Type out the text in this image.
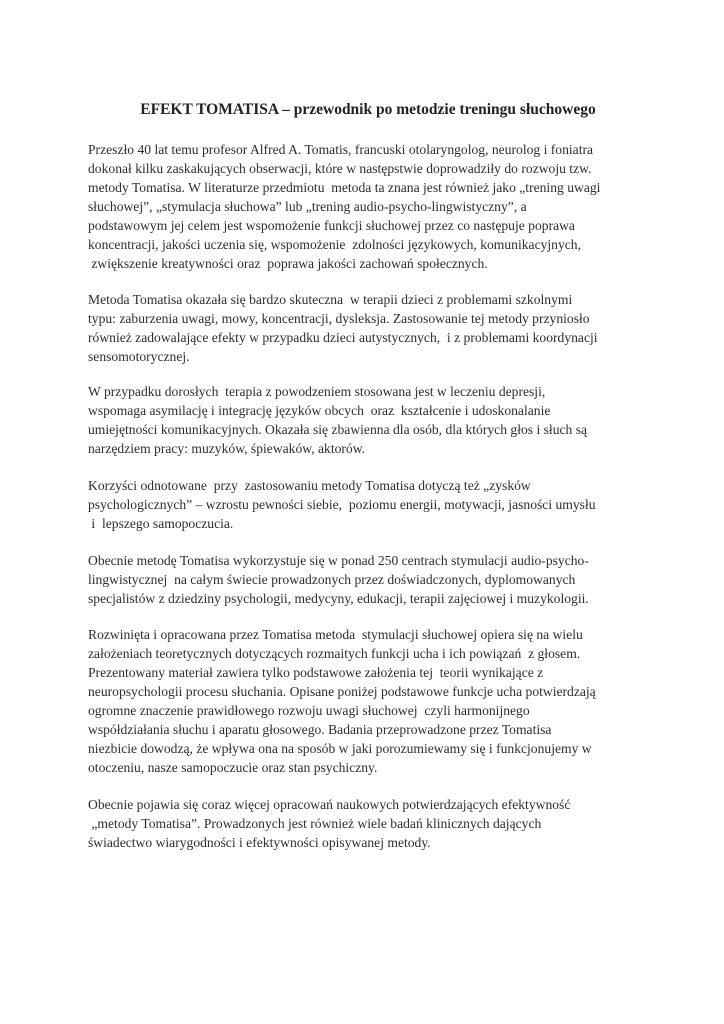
EFEKT TOMATISA – przewodnik po metodzie treningu słuchowego
Przeszło 40 lat temu profesor Alfred A. Tomatis, francuski otolaryngolog, neurolog i foniatra
dokonał kilku zaskakujących obserwacji, które w następstwie doprowadziły do rozwoju tzw.
metody Tomatisa. W literaturze przedmiotu  metoda ta znana jest również jako „trening uwagi
słuchowej”, „stymulacja słuchowa” lub „trening audio-psycho-lingwistyczny”, a
podstawowym jej celem jest wspomożenie funkcji słuchowej przez co następuje poprawa
koncentracji, jakości uczenia się, wspomożenie  zdolności językowych, komunikacyjnych,
zwiększenie kreatywności oraz  poprawa jakości zachowań społecznych.
Metoda Tomatisa okazała się bardzo skuteczna  w terapii dzieci z problemami szkolnymi
typu: zaburzenia uwagi, mowy, koncentracji, dysleksja. Zastosowanie tej metody przyniosło
również zadowalające efekty w przypadku dzieci autystycznych,  i z problemami koordynacji
sensomotorycznej.
W przypadku dorosłych  terapia z powodzeniem stosowana jest w leczeniu depresji,
wspomaga asymilację i integrację języków obcych  oraz  kształcenie i udoskonalanie
umiejętności komunikacyjnych. Okazała się zbawienna dla osób, dla których głos i słuch są
narzędziem pracy: muzyków, śpiewaków, aktorów.
Korzyści odnotowane  przy  zastosowaniu metody Tomatisa dotyczą też „zysków
psychologicznych” – wzrostu pewności siebie,  poziomu energii, motywacji, jasności umysłu
i  lepszego samopoczucia.
Obecnie metodę Tomatisa wykorzystuje się w ponad 250 centrach stymulacji audio-psycho-
lingwistycznej  na całym świecie prowadzonych przez doświadczonych, dyplomowanych
specjalistów z dziedziny psychologii, medycyny, edukacji, terapii zajęciowej i muzykologii.
Rozwinięta i opracowana przez Tomatisa metoda  stymulacji słuchowej opiera się na wielu
założeniach teoretycznych dotyczących rozmaitych funkcji ucha i ich powiązań  z głosem.
Prezentowany materiał zawiera tylko podstawowe założenia tej  teorii wynikające z
neuropsychologii procesu słuchania. Opisane poniżej podstawowe funkcje ucha potwierdzają
ogromne znaczenie prawidłowego rozwoju uwagi słuchowej  czyli harmonijnego
współdziałania słuchu i aparatu głosowego. Badania przeprowadzone przez Tomatisa
niezbicie dowodzą, że wpływa ona na sposób w jaki porozumiewamy się i funkcjonujemy w
otoczeniu, nasze samopoczucie oraz stan psychiczny.
Obecnie pojawia się coraz więcej opracowań naukowych potwierdzających efektywność
„metody Tomatisa”. Prowadzonych jest również wiele badań klinicznych dających
świadectwo wiarygodności i efektywności opisywanej metody.
